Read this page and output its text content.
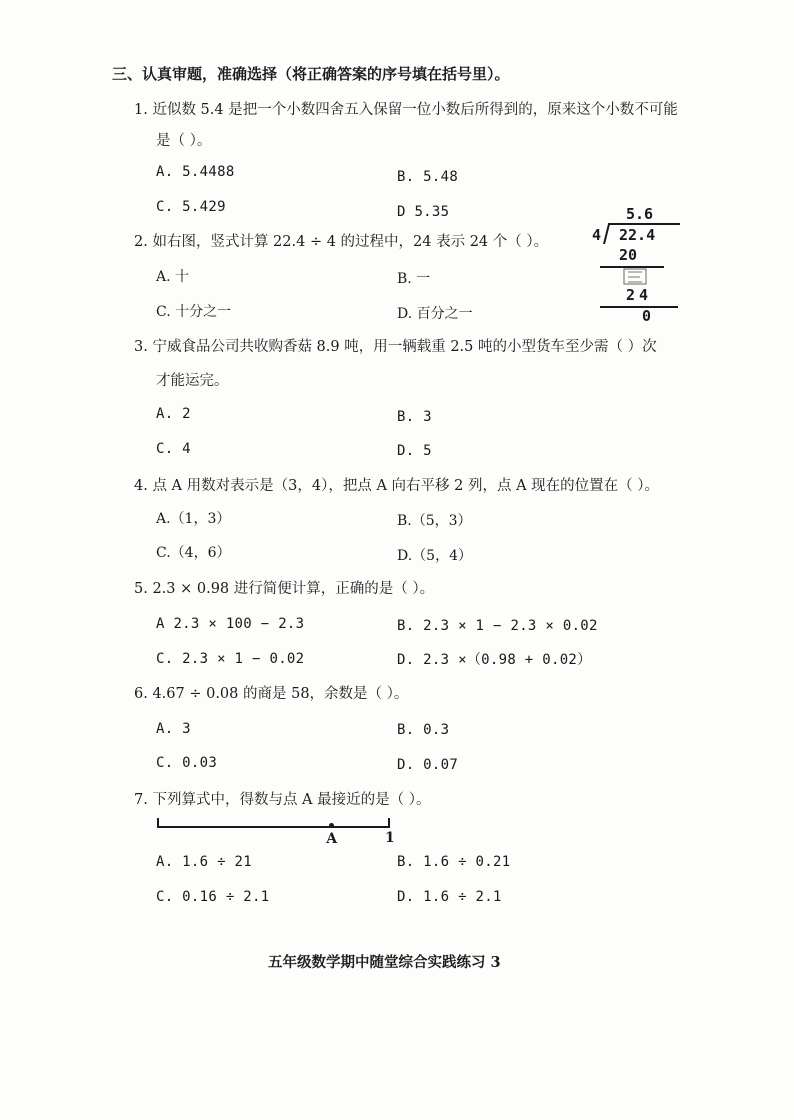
三、认真审题，准确选择（将正确答案的序号填在括号里）。
1. 近似数 5.4 是把一个小数四舍五入保留一位小数后所得到的，原来这个小数不可能
是（ ）。
A. 5.4488	B. 5.48
C. 5.429	D 5.35
2. 如右图，竖式计算 22.4 ÷ 4 的过程中，24 表示 24 个（ ）。
A. 十	B. 一
C. 十分之一	D. 百分之一
5.6
4 22.4
20
24
0
3. 宁威食品公司共收购香菇 8.9 吨，用一辆载重 2.5 吨的小型货车至少需（ ）次
才能运完。
A. 2	B. 3
C. 4	D. 5
4. 点 A 用数对表示是（3，4），把点 A 向右平移 2 列，点 A 现在的位置在（ ）。
A.（1，3）	B.（5，3）
C.（4，6）	D.（5，4）
5. 2.3 × 0.98 进行简便计算，正确的是（ ）。
A 2.3 × 100 − 2.3	B. 2.3 × 1 − 2.3 × 0.02
C. 2.3 × 1 − 0.02	D. 2.3 ×（0.98 + 0.02）
6. 4.67 ÷ 0.08 的商是 58，余数是（ ）。
A. 3	B. 0.3
C. 0.03	D. 0.07
7. 下列算式中，得数与点 A 最接近的是（ ）。
A	1
A. 1.6 ÷ 21	B. 1.6 ÷ 0.21
C. 0.16 ÷ 2.1	D. 1.6 ÷ 2.1
五年级数学期中随堂综合实践练习 3
